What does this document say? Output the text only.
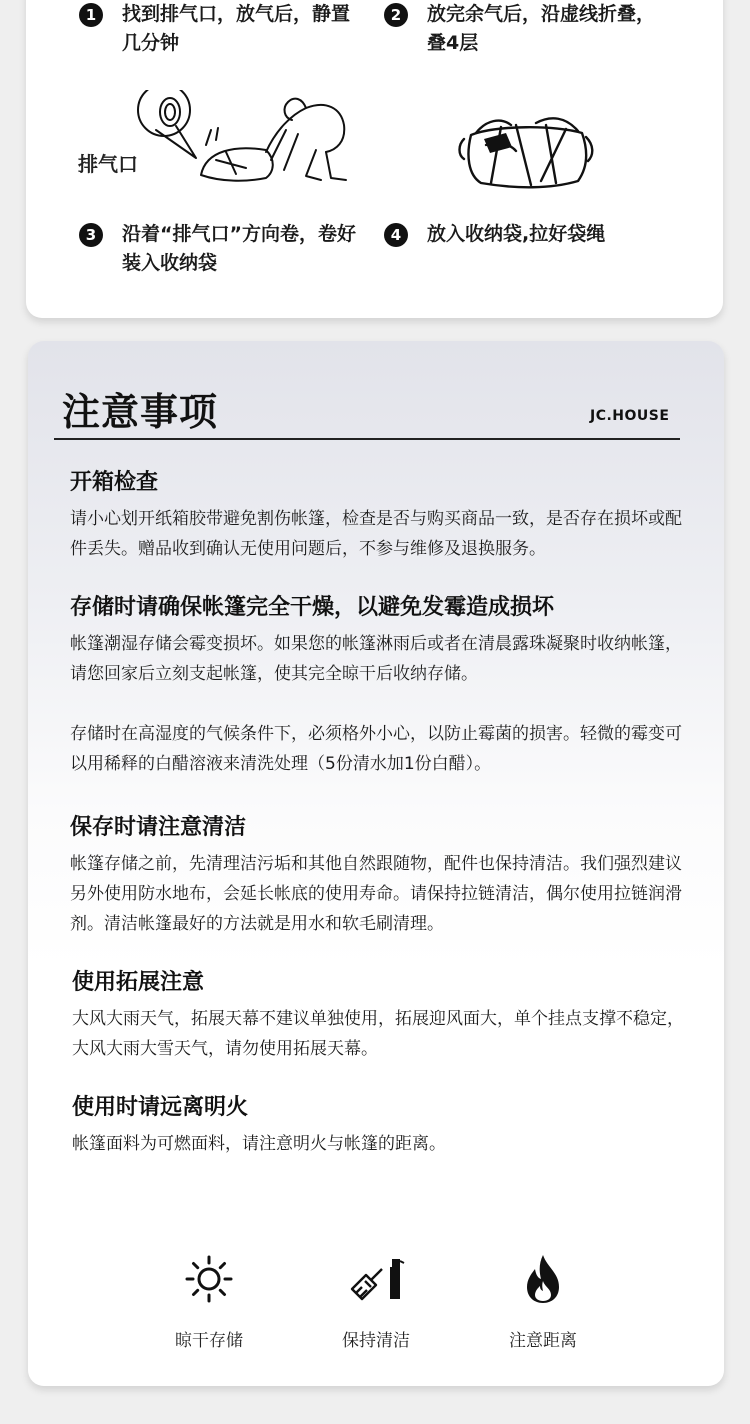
1	找到排气口，放气后，静置几分钟
2	放完余气后，沿虚线折叠，叠4层
排气口
3	沿着“排气口”方向卷，卷好装入收纳袋
4	放入收纳袋,拉好袋绳
注意事项	JC.HOUSE
开箱检查

请小心划开纸箱胶带避免割伤帐篷，检查是否与购买商品一致，是否存在损坏或配件丢失。赠品收到确认无使用问题后，不参与维修及退换服务。

存储时请确保帐篷完全干燥，以避免发霉造成损坏

帐篷潮湿存储会霉变损坏。如果您的帐篷淋雨后或者在清晨露珠凝聚时收纳帐篷，请您回家后立刻支起帐篷，使其完全晾干后收纳存储。

存储时在高湿度的气候条件下，必须格外小心，以防止霉菌的损害。轻微的霉变可以用稀释的白醋溶液来清洗处理（5份清水加1份白醋）。

保存时请注意清洁

帐篷存储之前，先清理洁污垢和其他自然跟随物，配件也保持清洁。我们强烈建议另外使用防水地布，会延长帐底的使用寿命。请保持拉链清洁，偶尔使用拉链润滑剂。清洁帐篷最好的方法就是用水和软毛刷清理。

使用拓展注意

大风大雨天气，拓展天幕不建议单独使用，拓展迎风面大，单个挂点支撑不稳定，大风大雨大雪天气，请勿使用拓展天幕。

使用时请远离明火

帐篷面料为可燃面料，请注意明火与帐篷的距离。

晾干存储	保持清洁	注意距离
